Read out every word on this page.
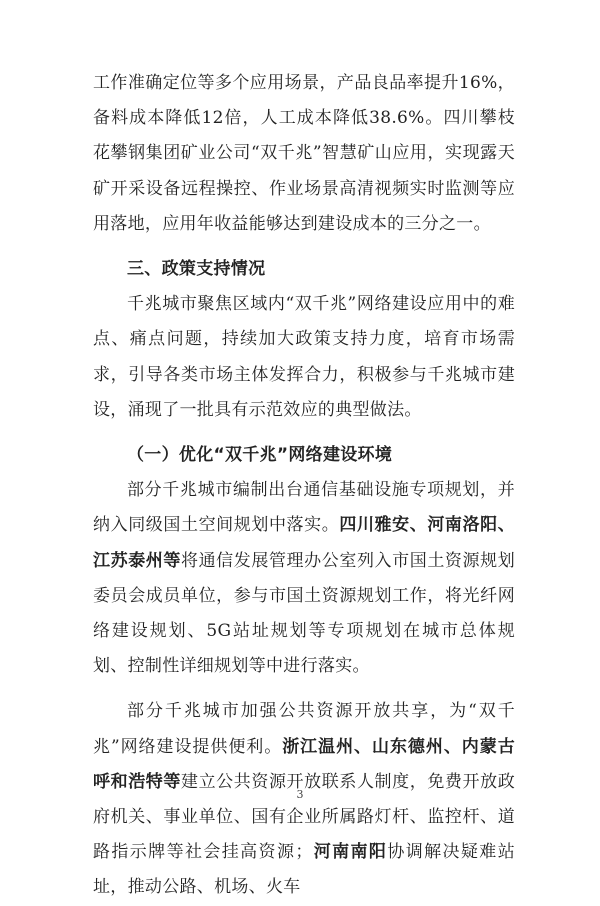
工作准确定位等多个应用场景，产品良品率提升16%，备料成本降低12倍，人工成本降低38.6%。四川攀枝花攀钢集团矿业公司“双千兆”智慧矿山应用，实现露天矿开采设备远程操控、作业场景高清视频实时监测等应用落地，应用年收益能够达到建设成本的三分之一。

三、政策支持情况

千兆城市聚焦区域内“双千兆”网络建设应用中的难点、痛点问题，持续加大政策支持力度，培育市场需求，引导各类市场主体发挥合力，积极参与千兆城市建设，涌现了一批具有示范效应的典型做法。

（一）优化“双千兆”网络建设环境

部分千兆城市编制出台通信基础设施专项规划，并纳入同级国土空间规划中落实。四川雅安、河南洛阳、江苏泰州等将通信发展管理办公室列入市国土资源规划委员会成员单位，参与市国土资源规划工作，将光纤网络建设规划、5G站址规划等专项规划在城市总体规划、控制性详细规划等中进行落实。

部分千兆城市加强公共资源开放共享，为“双千兆”网络建设提供便利。浙江温州、山东德州、内蒙古呼和浩特等建立公共资源开放联系人制度，免费开放政府机关、事业单位、国有企业所属路灯杆、监控杆、道路指示牌等社会挂高资源；河南南阳协调解决疑难站址，推动公路、机场、火车

3
